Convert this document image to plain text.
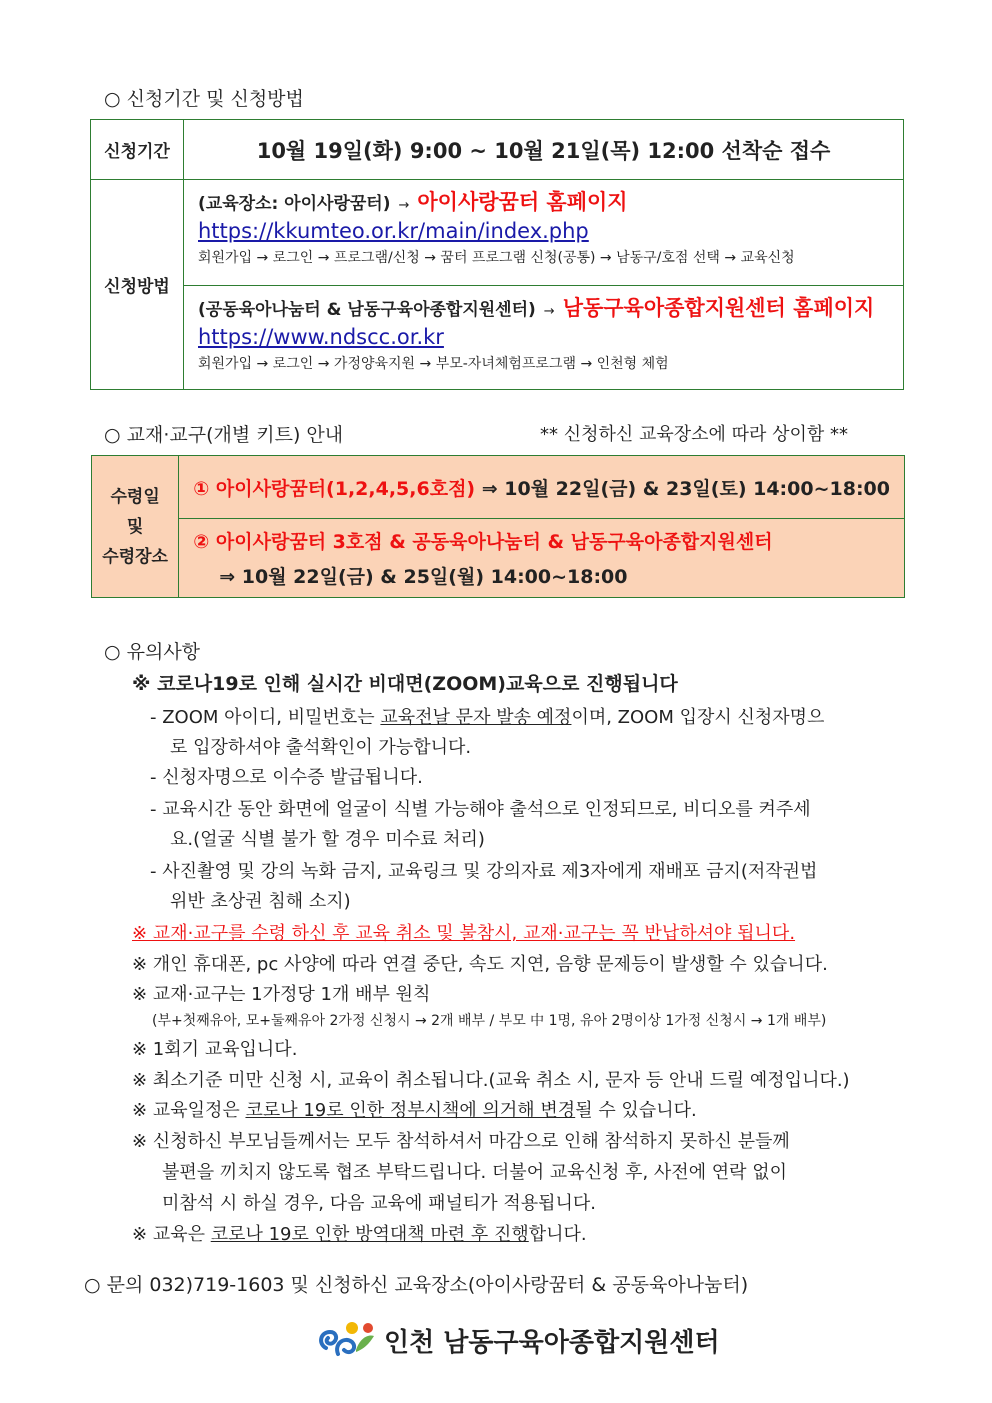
○ 신청기간 및 신청방법
신청기간	10월 19일(화) 9:00 ~ 10월 21일(목) 12:00 선착순 접수
신청방법	(교육장소: 아이사랑꿈터) → 아이사랑꿈터 홈페이지
https://kkumteo.or.kr/main/index.php
회원가입 → 로그인 → 프로그램/신청 → 꿈터 프로그램 신청(공통) → 남동구/호점 선택 → 교육신청

	(공동육아나눔터 & 남동구육아종합지원센터) → 남동구육아종합지원센터 홈페이지
https://www.ndscc.or.kr
회원가입 → 로그인 → 가정양육지원 → 부모-자녀체험프로그램 → 인천형 체험
○ 교재·교구(개별 키트) 안내	** 신청하신 교육장소에 따라 상이함 **
수령일
및
수령장소
	① 아이사랑꿈터(1,2,4,5,6호점) ⇒ 10월 22일(금) & 23일(토) 14:00~18:00

② 아이사랑꿈터 3호점 & 공동육아나눔터 & 남동구육아종합지원센터
⇒ 10월 22일(금) & 25일(월) 14:00~18:00
○ 유의사항
※ 코로나19로 인해 실시간 비대면(ZOOM)교육으로 진행됩니다
- ZOOM 아이디, 비밀번호는 교육전날 문자 발송 예정이며, ZOOM 입장시 신청자명으
로 입장하셔야 출석확인이 가능합니다.
- 신청자명으로 이수증 발급됩니다.
- 교육시간 동안 화면에 얼굴이 식별 가능해야 출석으로 인정되므로, 비디오를 켜주세
요.(얼굴 식별 불가 할 경우 미수료 처리)
- 사진촬영 및 강의 녹화 금지, 교육링크 및 강의자료 제3자에게 재배포 금지(저작권법
위반 초상권 침해 소지)
※ 교재·교구를 수령 하신 후 교육 취소 및 불참시, 교재·교구는 꼭 반납하셔야 됩니다.
※ 개인 휴대폰, pc 사양에 따라 연결 중단, 속도 지연, 음향 문제등이 발생할 수 있습니다.
※ 교재·교구는 1가정당 1개 배부 원칙
(부+첫째유아, 모+둘째유아 2가정 신청시 → 2개 배부 / 부모 中 1명, 유아 2명이상 1가정 신청시 → 1개 배부)
※ 1회기 교육입니다.
※ 최소기준 미만 신청 시, 교육이 취소됩니다.(교육 취소 시, 문자 등 안내 드릴 예정입니다.)
※ 교육일정은 코로나 19로 인한 정부시책에 의거해 변경될 수 있습니다.
※ 신청하신 부모님들께서는 모두 참석하셔서 마감으로 인해 참석하지 못하신 분들께
불편을 끼치지 않도록 협조 부탁드립니다. 더불어 교육신청 후, 사전에 연락 없이
미참석 시 하실 경우, 다음 교육에 패널티가 적용됩니다.
※ 교육은 코로나 19로 인한 방역대책 마련 후 진행합니다.
○ 문의 032)719-1603 및 신청하신 교육장소(아이사랑꿈터 & 공동육아나눔터)
인천 남동구육아종합지원센터
